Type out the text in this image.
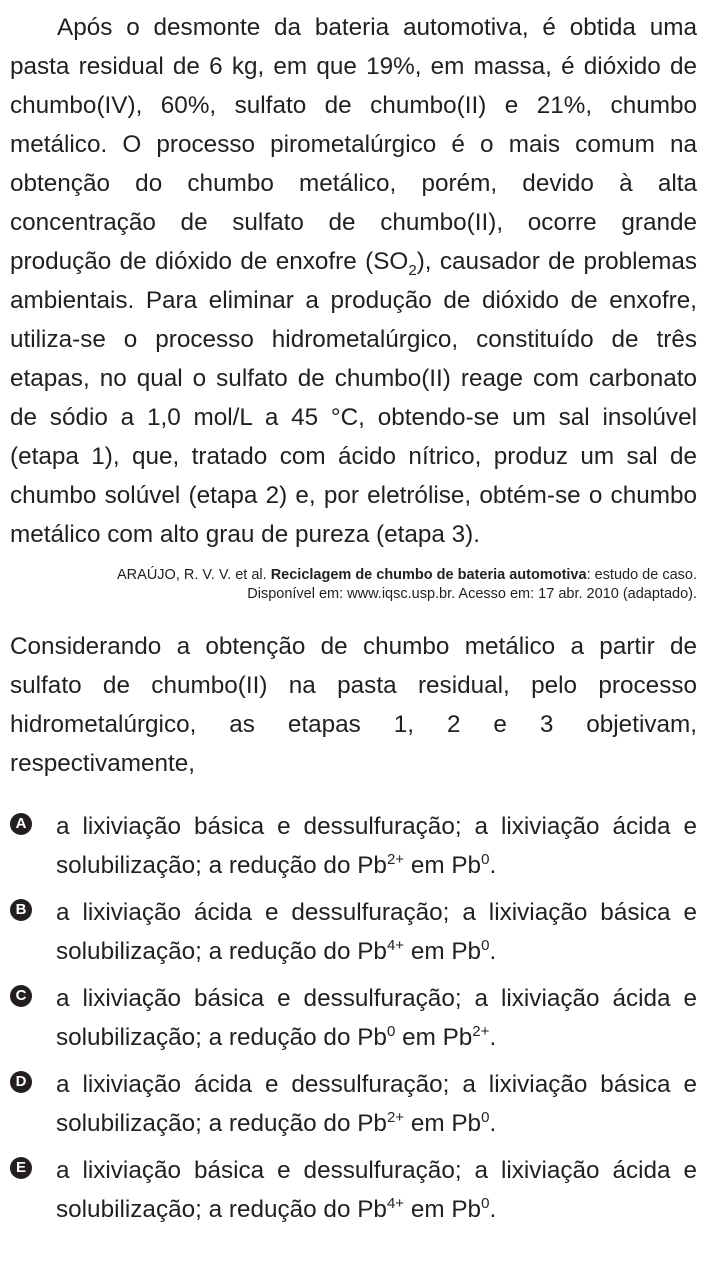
Após o desmonte da bateria automotiva, é obtida uma pasta residual de 6 kg, em que 19%, em massa, é dióxido de chumbo(IV), 60%, sulfato de chumbo(II) e 21%, chumbo metálico. O processo pirometalúrgico é o mais comum na obtenção do chumbo metálico, porém, devido à alta concentração de sulfato de chumbo(II), ocorre grande produção de dióxido de enxofre $(SO_2)$, causador de problemas ambientais. Para eliminar a produção de dióxido de enxofre, utiliza-se o processo hidrometalúrgico, constituído de três etapas, no qual o sulfato de chumbo(II) reage com carbonato de sódio a 1,0 mol/L a 45 °C, obtendo-se um sal insolúvel (etapa 1), que, tratado com ácido nítrico, produz um sal de chumbo solúvel (etapa 2) e, por eletrólise, obtém-se o chumbo metálico com alto grau de pureza (etapa 3).

ARAÚJO, R. V. V. et al. Reciclagem de chumbo de bateria automotiva: estudo de caso.
Disponível em: www.iqsc.usp.br. Acesso em: 17 abr. 2010 (adaptado).

Considerando a obtenção de chumbo metálico a partir de sulfato de chumbo(II) na pasta residual, pelo processo hidrometalúrgico, as etapas 1, 2 e 3 objetivam, respectivamente,

A a lixiviação básica e dessulfuração; a lixiviação ácida e solubilização; a redução do $Pb^{2+}$ em Pb$^0$.
B a lixiviação ácida e dessulfuração; a lixiviação básica e solubilização; a redução do $Pb^{4+}$ em Pb$^0$.
C a lixiviação básica e dessulfuração; a lixiviação ácida e solubilização; a redução do Pb$^0$ em $Pb^{2+}$.
D a lixiviação ácida e dessulfuração; a lixiviação básica e solubilização; a redução do $Pb^{2+}$ em Pb$^0$.
E a lixiviação básica e dessulfuração; a lixiviação ácida e solubilização; a redução do $Pb^{4+}$ em Pb$^0$.
